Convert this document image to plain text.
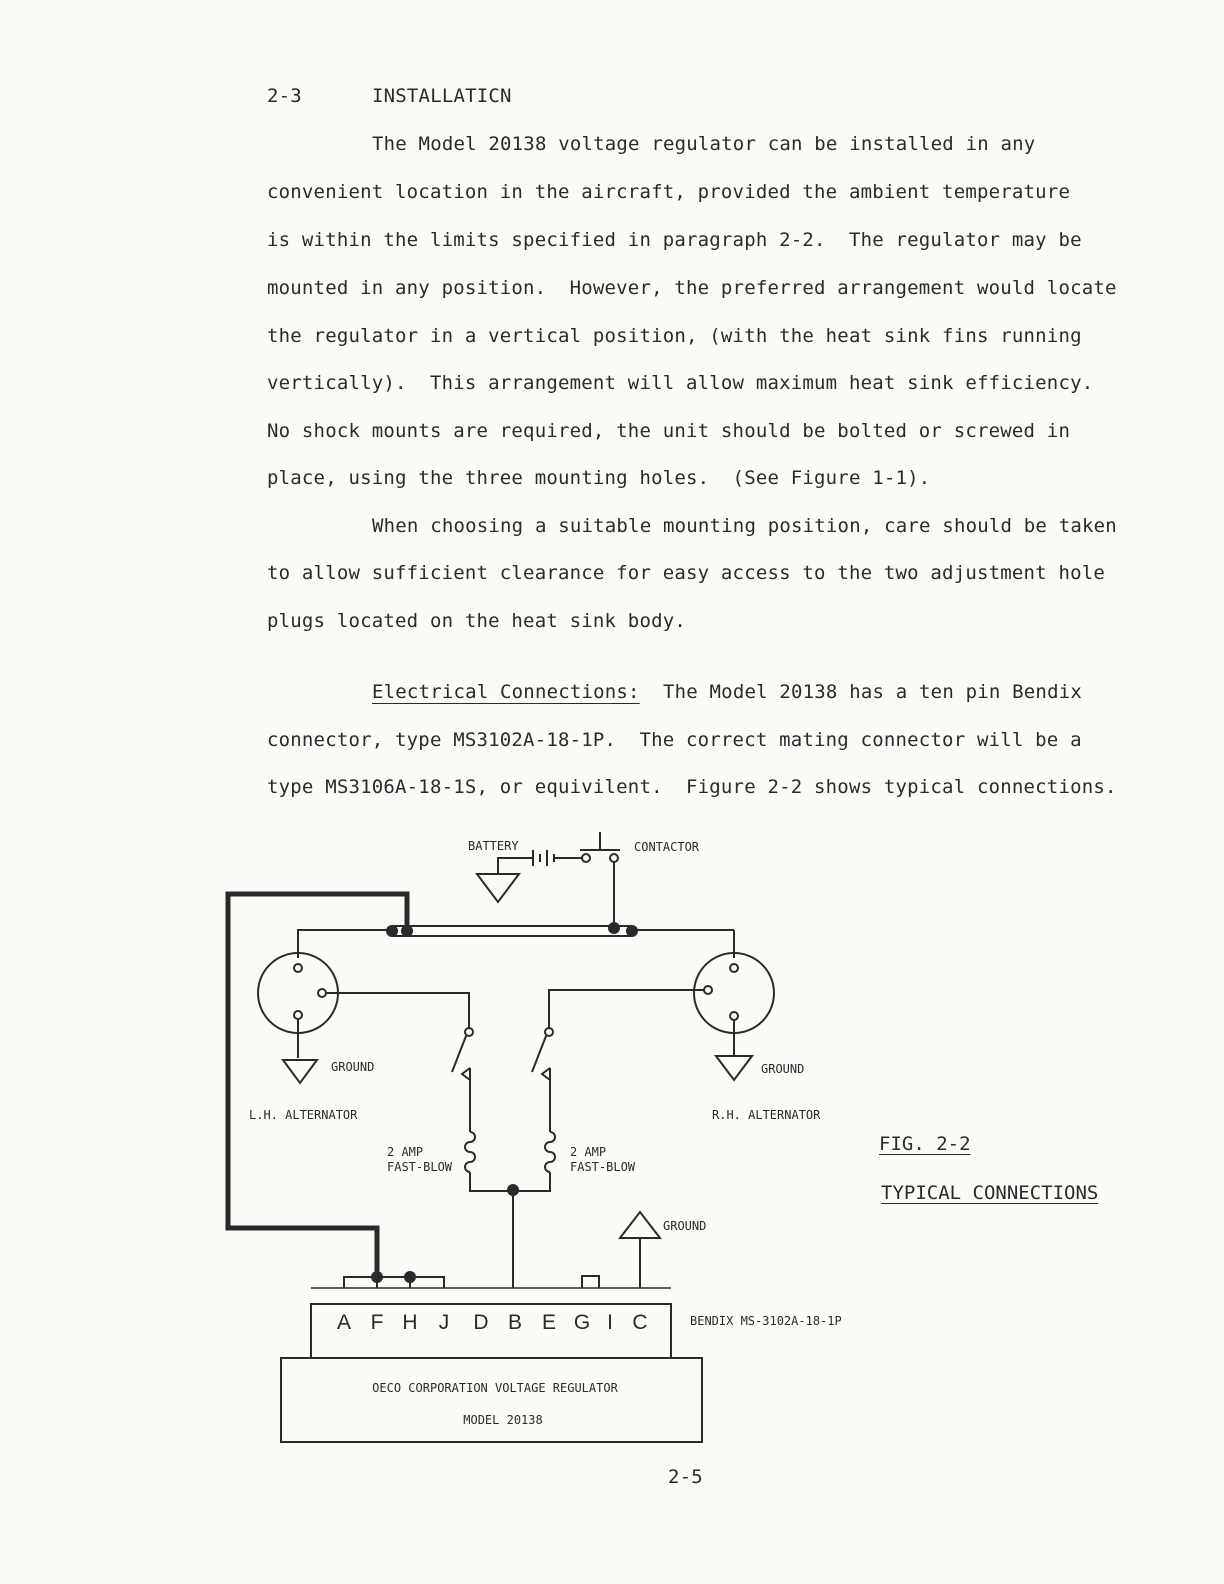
2-3	INSTALLATICN
The Model 20138 voltage regulator can be installed in any
convenient location in the aircraft, provided the ambient temperature
is within the limits specified in paragraph 2-2.  The regulator may be
mounted in any position.  However, the preferred arrangement would locate
the regulator in a vertical position, (with the heat sink fins running
vertically).  This arrangement will allow maximum heat sink efficiency.
No shock mounts are required, the unit should be bolted or screwed in
place, using the three mounting holes.  (See Figure 1-1).
When choosing a suitable mounting position, care should be taken
to allow sufficient clearance for easy access to the two adjustment hole
plugs located on the heat sink body.
Electrical Connections:  The Model 20138 has a ten pin Bendix
connector, type MS3102A-18-1P.  The correct mating connector will be a
type MS3106A-18-1S, or equivilent.  Figure 2-2 shows typical connections.
FIG. 2-2
TYPICAL CONNECTIONS
BATTERY	CONTACTOR
GROUND
L.H. ALTERNATOR
GROUND
R.H. ALTERNATOR
2 AMP
FAST-BLOW
2 AMP
FAST-BLOW
GROUND
A F H J D B E G I C	BENDIX MS-3102A-18-1P
OECO CORPORATION VOLTAGE REGULATOR
MODEL 20138
2-5
